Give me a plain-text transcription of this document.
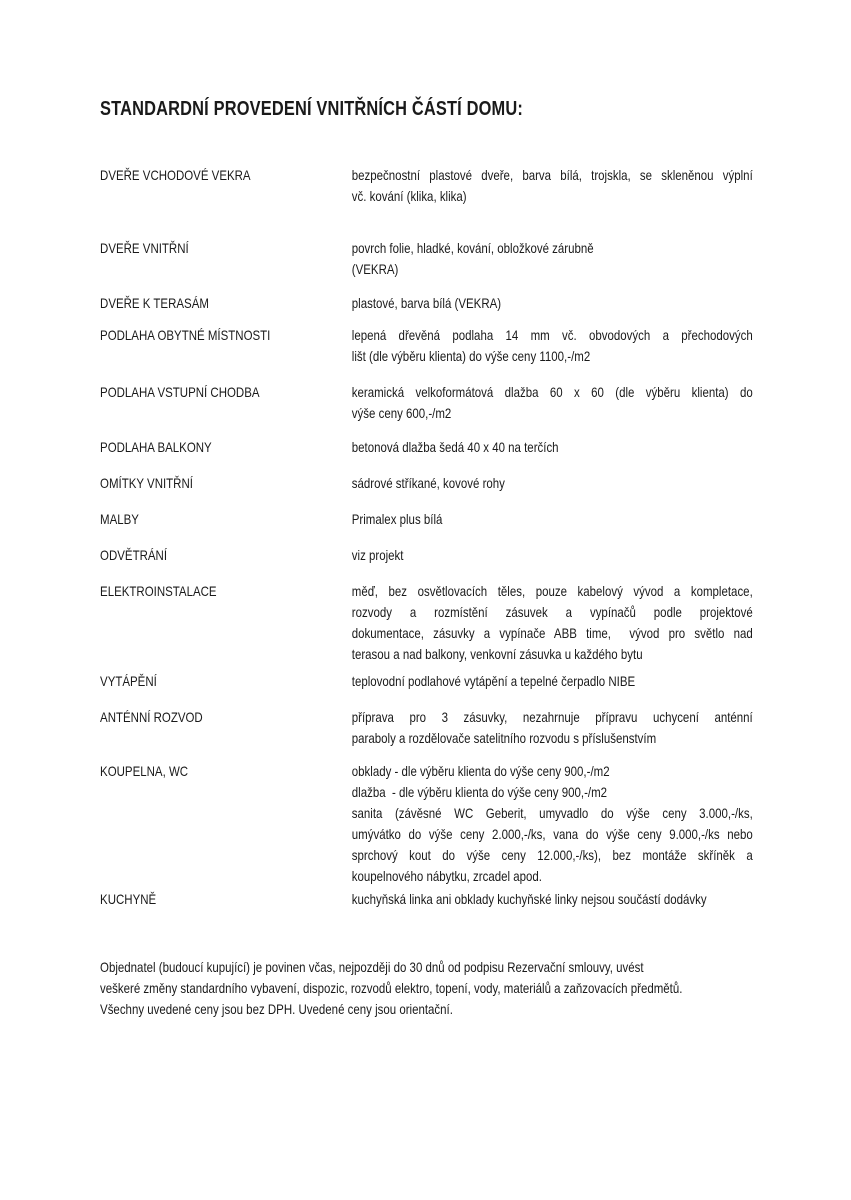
STANDARDNÍ PROVEDENÍ VNITŘNÍCH ČÁSTÍ DOMU:
DVEŘE VCHODOVÉ VEKRA	bezpečnostní plastové dveře, barva bílá, trojskla, se skleněnou výplní
vč. kování (klika, klika)
DVEŘE VNITŘNÍ	povrch folie, hladké, kování, obložkové zárubně
(VEKRA)
DVEŘE K TERASÁM	plastové, barva bílá (VEKRA)
PODLAHA OBYTNÉ MÍSTNOSTI	lepená dřevěná podlaha 14 mm vč. obvodových a přechodových
lišt (dle výběru klienta) do výše ceny 1100,-/m2
PODLAHA VSTUPNÍ CHODBA	keramická velkoformátová dlažba 60 x 60 (dle výběru klienta) do
výše ceny 600,-/m2
PODLAHA BALKONY	betonová dlažba šedá 40 x 40 na terčích
OMÍTKY VNITŘNÍ	sádrové stříkané, kovové rohy
MALBY	Primalex plus bílá
ODVĚTRÁNÍ	viz projekt
ELEKTROINSTALACE	měď, bez osvětlovacích těles, pouze kabelový vývod a kompletace,
rozvody a rozmístění zásuvek a vypínačů podle projektové
dokumentace, zásuvky a vypínače ABB time,  vývod pro světlo nad
terasou a nad balkony, venkovní zásuvka u každého bytu
VYTÁPĚNÍ	teplovodní podlahové vytápění a tepelné čerpadlo NIBE
ANTÉNNÍ ROZVOD	příprava pro 3 zásuvky, nezahrnuje přípravu uchycení anténní
paraboly a rozdělovače satelitního rozvodu s příslušenstvím
KOUPELNA, WC	obklady - dle výběru klienta do výše ceny 900,-/m2
dlažba  - dle výběru klienta do výše ceny 900,-/m2
sanita (závěsné WC Geberit, umyvadlo do výše ceny 3.000,-/ks,
umývátko do výše ceny 2.000,-/ks, vana do výše ceny 9.000,-/ks nebo
sprchový kout do výše ceny 12.000,-/ks), bez montáže skříněk a
koupelnového nábytku, zrcadel apod.
KUCHYNĚ	kuchyňská linka ani obklady kuchyňské linky nejsou součástí dodávky
Objednatel (budoucí kupující) je povinen včas, nejpozději do 30 dnů od podpisu Rezervační smlouvy, uvést
veškeré změny standardního vybavení, dispozic, rozvodů elektro, topení, vody, materiálů a zaňzovacích předmětů.
Všechny uvedené ceny jsou bez DPH. Uvedené ceny jsou orientační.
